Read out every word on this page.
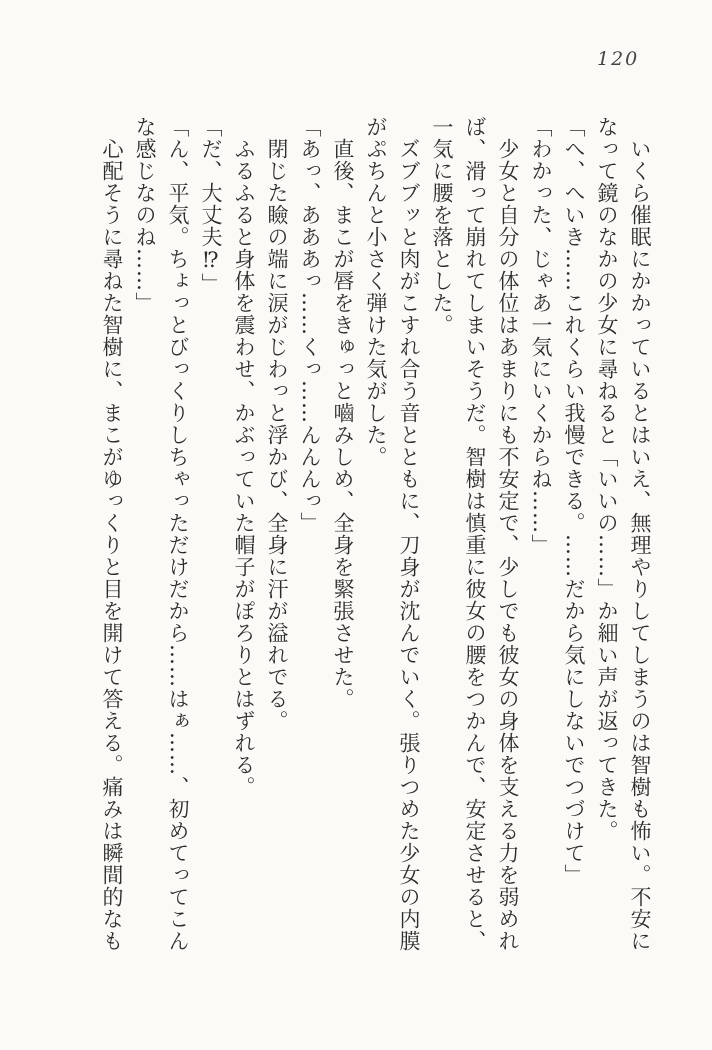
120

いくら催眠にかかっているとはいえ、無理やりしてしまうのは智樹も怖い。不安に

なって鏡のなかの少女に尋ねると「いいの……」か細い声が返ってきた。

「へ、へいき……これくらい我慢できる。……だから気にしないでつづけて」

「わかった、じゃあ一気にいくからね……」

少女と自分の体位はあまりにも不安定で、少しでも彼女の身体を支える力を弱めれ

ば、滑って崩れてしまいそうだ。智樹は慎重に彼女の腰をつかんで、安定させると、

一気に腰を落とした。

ズブブッと肉がこすれ合う音とともに、刀身が沈んでいく。張りつめた少女の内膜

がぷちんと小さく弾けた気がした。

直後、まこが唇をきゅっと嚙みしめ、全身を緊張させた。

「あっ、あああっ……くっ……んんんっ」

閉じた瞼の端に涙がじわっと浮かび、全身に汗が溢れでる。

ふるふると身体を震わせ、かぶっていた帽子がぽろりとはずれる。

「だ、大丈夫⁉」

「ん、平気。ちょっとびっくりしちゃっただけだから……はぁ……、初めてってこん

な感じなのね……」

心配そうに尋ねた智樹に、まこがゆっくりと目を開けて答える。痛みは瞬間的なも
